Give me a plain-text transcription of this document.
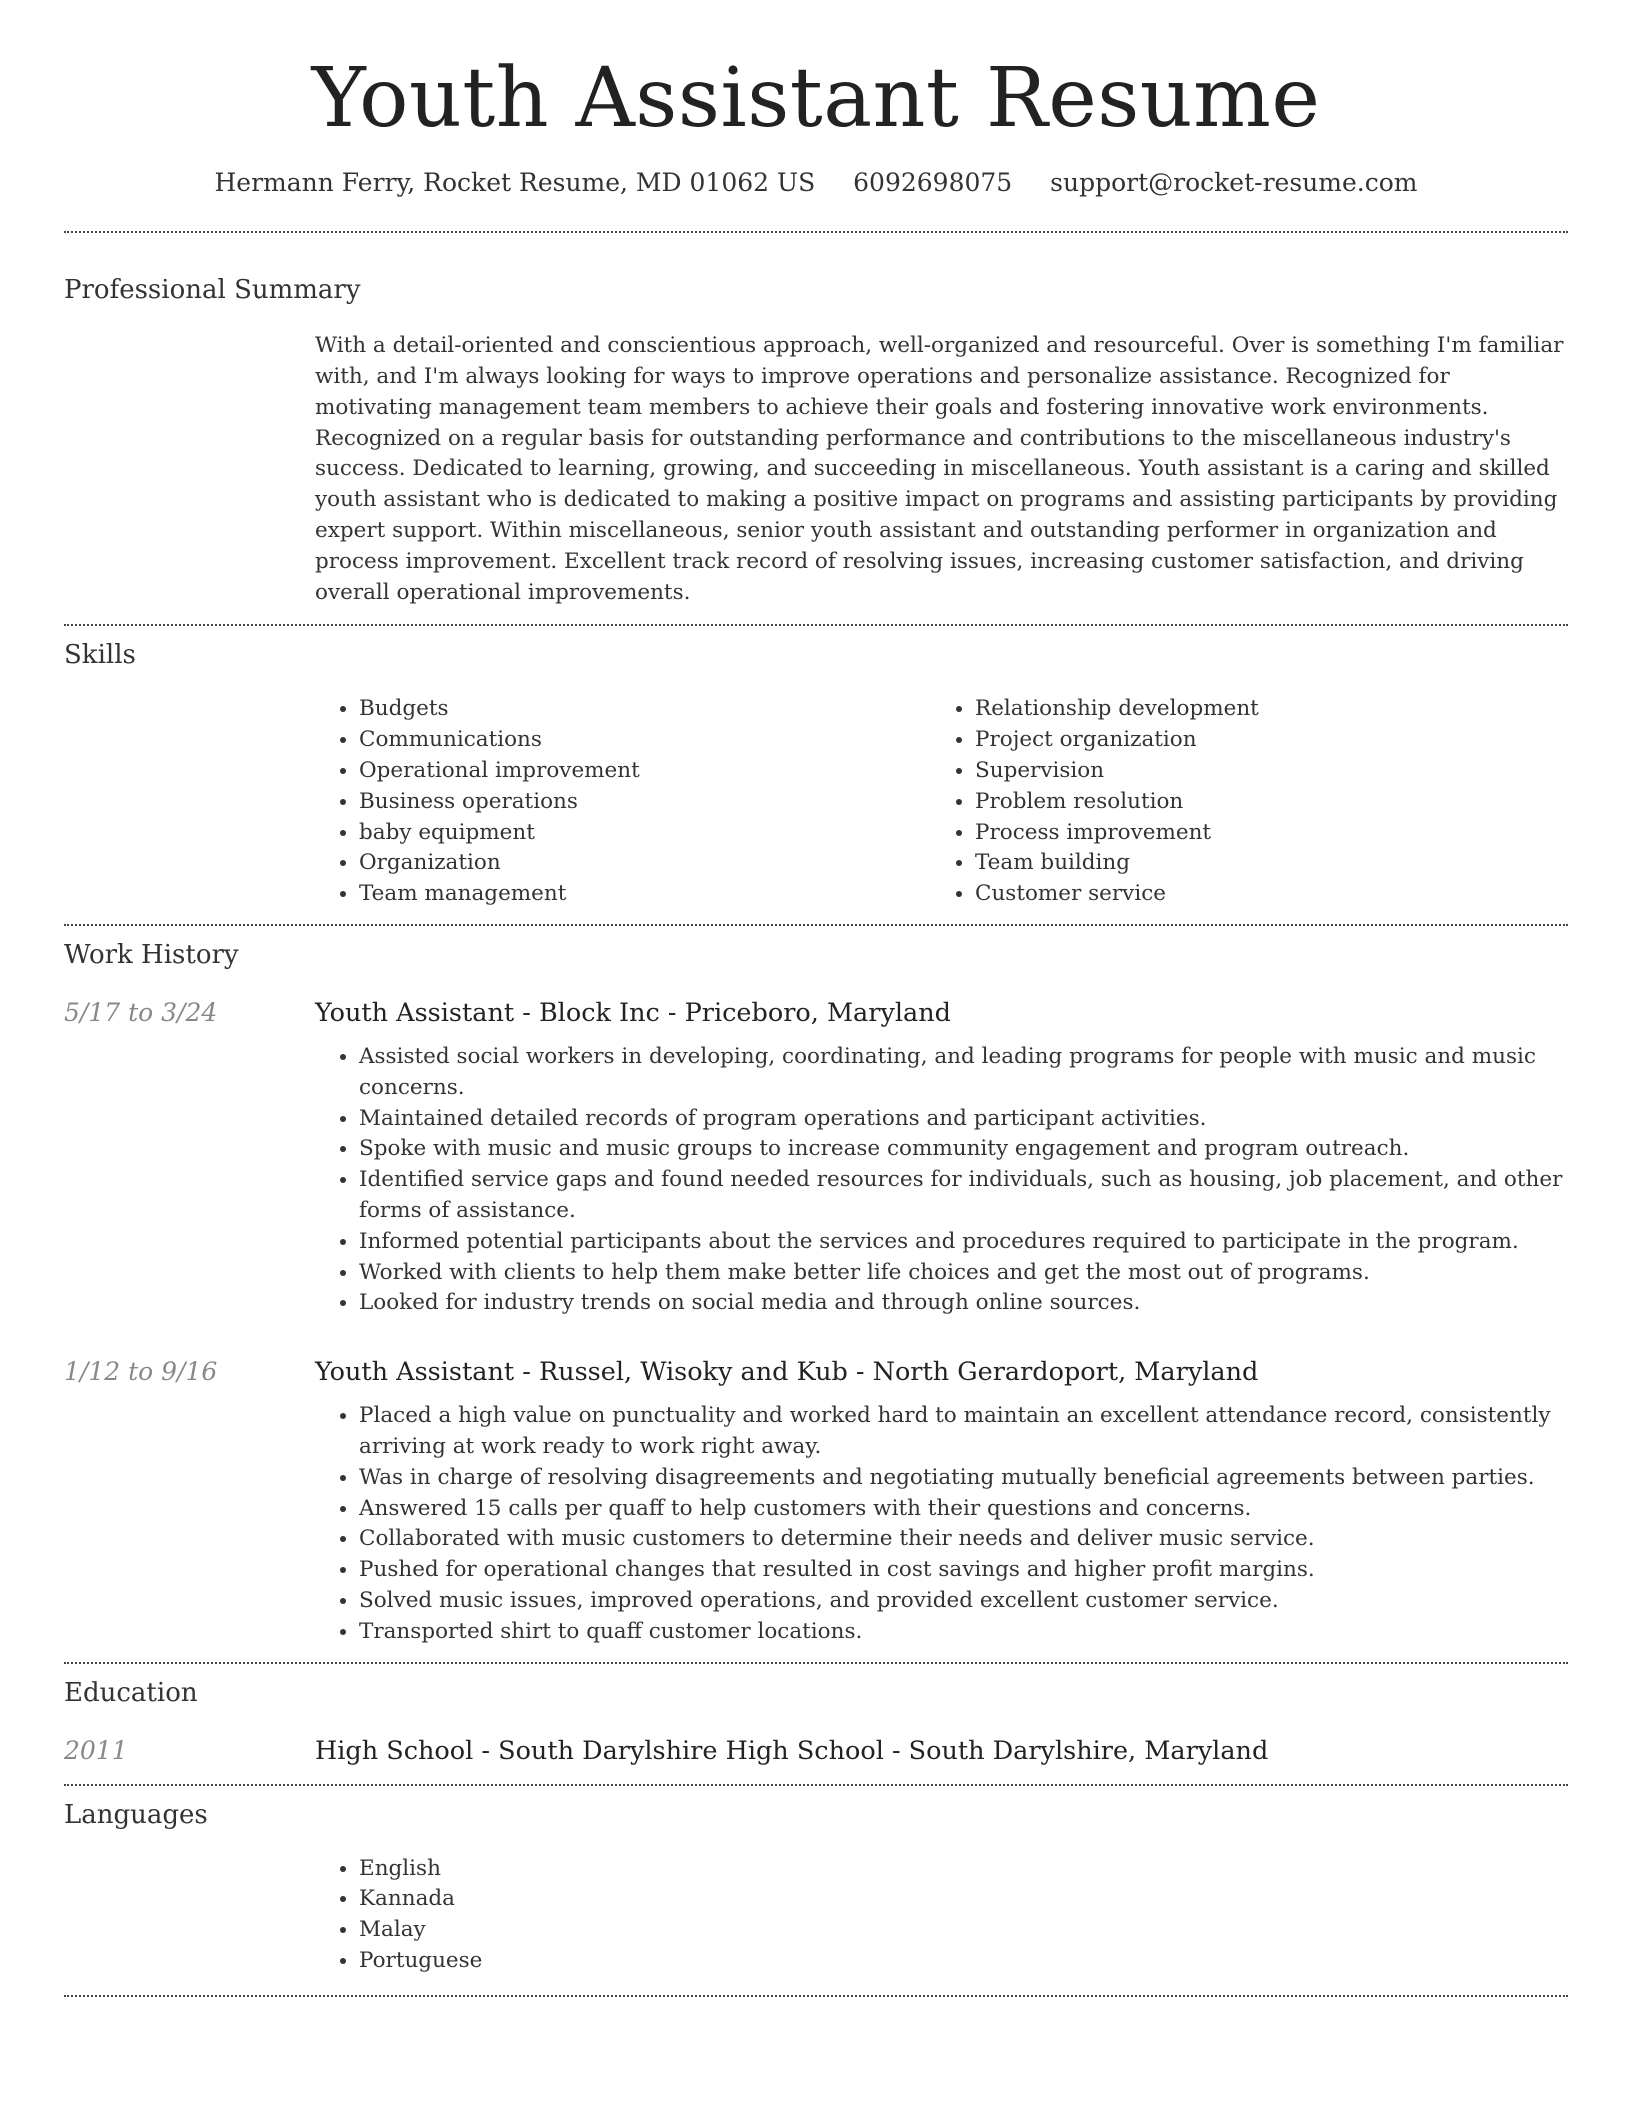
Youth Assistant Resume
Hermann Ferry, Rocket Resume, MD 01062 US 6092698075 support@rocket-resume.com
Professional Summary

With a detail-oriented and conscientious approach, well-organized and resourceful. Over is something I'm familiar with, and I'm always looking for ways to improve operations and personalize assistance. Recognized for motivating management team members to achieve their goals and fostering innovative work environments. Recognized on a regular basis for outstanding performance and contributions to the miscellaneous industry's success. Dedicated to learning, growing, and succeeding in miscellaneous. Youth assistant is a caring and skilled youth assistant who is dedicated to making a positive impact on programs and assisting participants by providing expert support. Within miscellaneous, senior youth assistant and outstanding performer in organization and process improvement. Excellent track record of resolving issues, increasing customer satisfaction, and driving overall operational improvements.

Skills
• Budgets
• Communications
• Operational improvement
• Business operations
• baby equipment
• Organization
• Team management
• Relationship development
• Project organization
• Supervision
• Problem resolution
• Process improvement
• Team building
• Customer service
Work History
5/17 to 3/24	Youth Assistant - Block Inc - Priceboro, Maryland
• Assisted social workers in developing, coordinating, and leading programs for people with music and music concerns.
• Maintained detailed records of program operations and participant activities.
• Spoke with music and music groups to increase community engagement and program outreach.
• Identified service gaps and found needed resources for individuals, such as housing, job placement, and other forms of assistance.
• Informed potential participants about the services and procedures required to participate in the program.
• Worked with clients to help them make better life choices and get the most out of programs.
• Looked for industry trends on social media and through online sources.
1/12 to 9/16	Youth Assistant - Russel, Wisoky and Kub - North Gerardoport, Maryland
• Placed a high value on punctuality and worked hard to maintain an excellent attendance record, consistently arriving at work ready to work right away.
• Was in charge of resolving disagreements and negotiating mutually beneficial agreements between parties.
• Answered 15 calls per quaff to help customers with their questions and concerns.
• Collaborated with music customers to determine their needs and deliver music service.
• Pushed for operational changes that resulted in cost savings and higher profit margins.
• Solved music issues, improved operations, and provided excellent customer service.
• Transported shirt to quaff customer locations.
Education
2011	High School - South Darylshire High School - South Darylshire, Maryland
Languages
• English
• Kannada
• Malay
• Portuguese
